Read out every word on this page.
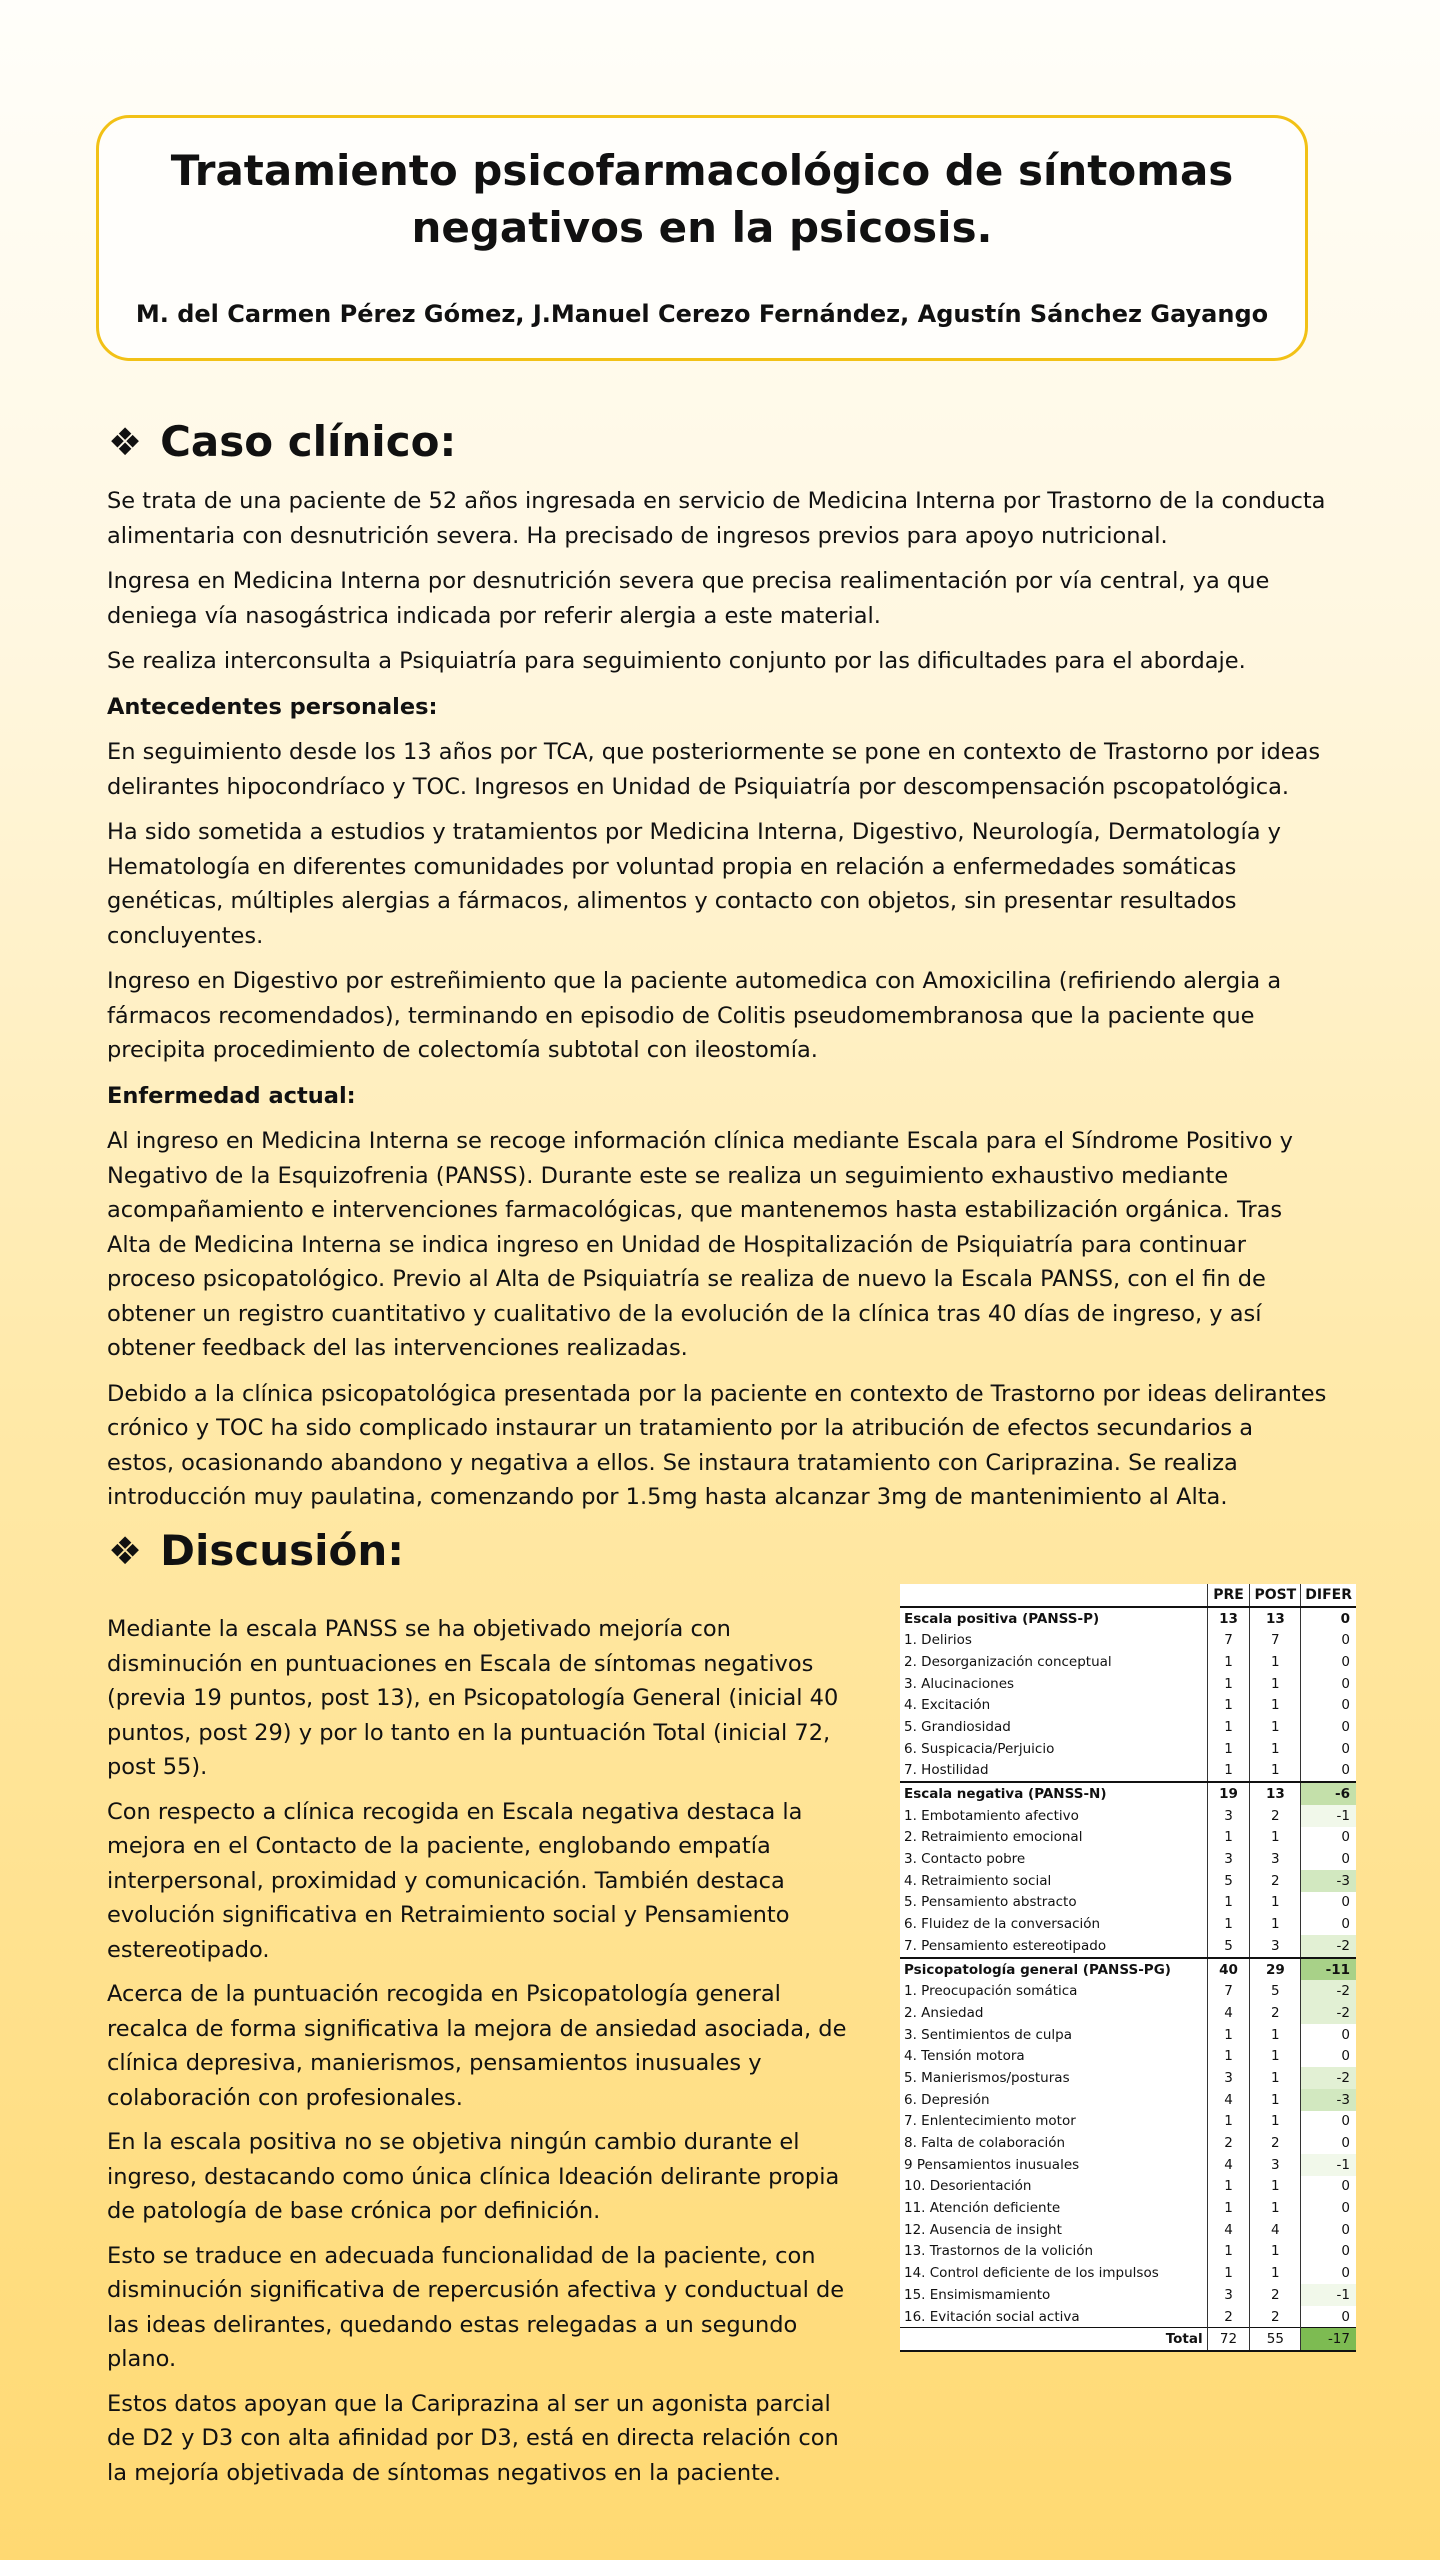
Tratamiento psicofarmacológico de síntomas negativos en la psicosis.
M. del Carmen Pérez Gómez, J.Manuel Cerezo Fernández, Agustín Sánchez Gayango
❖ Caso clínico:

Se trata de una paciente de 52 años ingresada en servicio de Medicina Interna por Trastorno de la conducta alimentaria con desnutrición severa. Ha precisado de ingresos previos para apoyo nutricional.

Ingresa en Medicina Interna por desnutrición severa que precisa realimentación por vía central, ya que deniega vía nasogástrica indicada por referir alergia a este material.

Se realiza interconsulta a Psiquiatría para seguimiento conjunto por las dificultades para el abordaje.

Antecedentes personales:

En seguimiento desde los 13 años por TCA, que posteriormente se pone en contexto de Trastorno por ideas delirantes hipocondríaco y TOC. Ingresos en Unidad de Psiquiatría por descompensación pscopatológica.

Ha sido sometida a estudios y tratamientos por Medicina Interna, Digestivo, Neurología, Dermatología y Hematología en diferentes comunidades por voluntad propia en relación a enfermedades somáticas genéticas, múltiples alergias a fármacos, alimentos y contacto con objetos, sin presentar resultados concluyentes.

Ingreso en Digestivo por estreñimiento que la paciente automedica con Amoxicilina (refiriendo alergia a fármacos recomendados), terminando en episodio de Colitis pseudomembranosa que la paciente que precipita procedimiento de colectomía subtotal con ileostomía.

Enfermedad actual:

Al ingreso en Medicina Interna se recoge información clínica mediante Escala para el Síndrome Positivo y Negativo de la Esquizofrenia (PANSS). Durante este se realiza un seguimiento exhaustivo mediante acompañamiento e intervenciones farmacológicas, que mantenemos hasta estabilización orgánica. Tras Alta de Medicina Interna se indica ingreso en Unidad de Hospitalización de Psiquiatría para continuar proceso psicopatológico. Previo al Alta de Psiquiatría se realiza de nuevo la Escala PANSS, con el fin de obtener un registro cuantitativo y cualitativo de la evolución de la clínica tras 40 días de ingreso, y así obtener feedback del las intervenciones realizadas.

Debido a la clínica psicopatológica presentada por la paciente en contexto de Trastorno por ideas delirantes crónico y TOC ha sido complicado instaurar un tratamiento por la atribución de efectos secundarios a estos, ocasionando abandono y negativa a ellos. Se instaura tratamiento con Cariprazina. Se realiza introducción muy paulatina, comenzando por 1.5mg hasta alcanzar 3mg de mantenimiento al Alta.

❖ Discusión:

Mediante la escala PANSS se ha objetivado mejoría con disminución en puntuaciones en Escala de síntomas negativos (previa 19 puntos, post 13), en Psicopatología General (inicial 40 puntos, post 29) y por lo tanto en la puntuación Total (inicial 72, post 55).

Con respecto a clínica recogida en Escala negativa destaca la mejora en el Contacto de la paciente, englobando empatía interpersonal, proximidad y comunicación. También destaca evolución significativa en Retraimiento social y Pensamiento estereotipado.

Acerca de la puntuación recogida en Psicopatología general recalca de forma significativa la mejora de ansiedad asociada, de clínica depresiva, manierismos, pensamientos inusuales y colaboración con profesionales.

En la escala positiva no se objetiva ningún cambio durante el ingreso, destacando como única clínica Ideación delirante propia de patología de base crónica por definición.

Esto se traduce en adecuada funcionalidad de la paciente, con disminución significativa de repercusión afectiva y conductual de las ideas delirantes, quedando estas relegadas a un segundo plano.

Estos datos apoyan que la Cariprazina al ser un agonista parcial de D2 y D3 con alta afinidad por D3, está en directa relación con la mejoría objetivada de síntomas negativos en la paciente.

	PRE	POST	DIFER
Escala positiva (PANSS-P)	13	13	0
1. Delirios	7	7	0
2. Desorganización conceptual	1	1	0
3. Alucinaciones	1	1	0
4. Excitación	1	1	0
5. Grandiosidad	1	1	0
6. Suspicacia/Perjuicio	1	1	0
7. Hostilidad	1	1	0
Escala negativa (PANSS-N)	19	13	-6
1. Embotamiento afectivo	3	2	-1
2. Retraimiento emocional	1	1	0
3. Contacto pobre	3	3	0
4. Retraimiento social	5	2	-3
5. Pensamiento abstracto	1	1	0
6. Fluidez de la conversación	1	1	0
7. Pensamiento estereotipado	5	3	-2
Psicopatología general (PANSS-PG)	40	29	-11
1. Preocupación somática	7	5	-2
2. Ansiedad	4	2	-2
3. Sentimientos de culpa	1	1	0
4. Tensión motora	1	1	0
5. Manierismos/posturas	3	1	-2
6. Depresión	4	1	-3
7. Enlentecimiento motor	1	1	0
8. Falta de colaboración	2	2	0
9 Pensamientos inusuales	4	3	-1
10. Desorientación	1	1	0
11. Atención deficiente	1	1	0
12. Ausencia de insight	4	4	0
13. Trastornos de la volición	1	1	0
14. Control deficiente de los impulsos	1	1	0
15. Ensimismamiento	3	2	-1
16. Evitación social activa	2	2	0
Total	72	55	-17
